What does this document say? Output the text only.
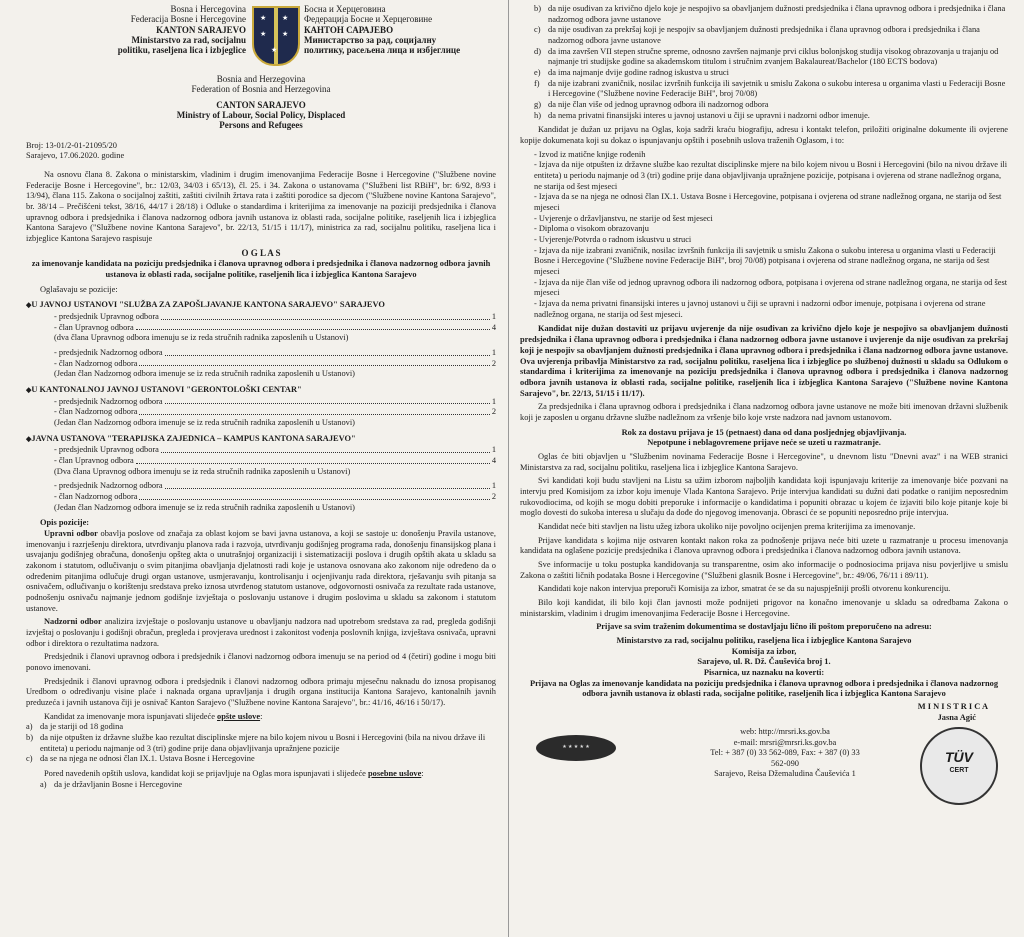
Bosna i Hercegovina
Federacija Bosne i Hercegovine
KANTON SARAJEVO
Ministarstvo za rad, socijalnu
politiku, raseljena lica i izbjeglice
★ ★
★ ★
★
Босна и Херцеговина
Федерација Босне и Херцеговине
КАНТОН САРАЈЕВО
Министарство за рад, социјалну
политику, расељена лица и избјеглице
Bosnia and Herzegovina
Federation of Bosnia and Herzegovina
CANTON SARAJEVO
Ministry of Labour, Social Policy, Displaced
Persons and Refugees
Broj: 13-01/2-01-21095/20
Sarajevo, 17.06.2020. godine

Na osnovu člana 8. Zakona o ministarskim, vladinim i drugim imenovanjima Federacije Bosne i Hercegovine ("Službene novine Federacije Bosne i Hercegovine", br.: 12/03, 34/03 i 65/13), čl. 25. i 34. Zakona o ustanovama ("Službeni list RBiH", br: 6/92, 8/93 i 13/94), člana 115. Zakona o socijalnoj zaštiti, zaštiti civilnih žrtava rata i zaštiti porodice sa djecom ("Službene novine Kantona Sarajevo", br. 38/14 – Prečišćeni tekst, 38/16, 44/17 i 28/18) i Odluke o standardima i kriterijima za imenovanje na poziciji predsjednika i članova upravnog odbora i predsjednika i članova nadzornog odbora javnih ustanova iz oblasti rada, socijalne politike, raseljenih lica i izbjeglica Kantona Sarajevo ("Službene novine Kantona Sarajevo", br. 22/13, 51/15 i 11/17), ministrica za rad, socijalnu politiku, raseljena lica i izbjeglice Kantona Sarajevo raspisuje

O G L A S
za imenovanje kandidata na poziciju predsjednika i članova upravnog odbora i predsjednika i članova nadzornog odbora javnih ustanova iz oblasti rada, socijalne politike, raseljenih lica i izbjeglica Kantona Sarajevo
Oglašavaju se pozicije:
◆ U JAVNOJ USTANOVI "SLUŽBA ZA ZAPOŠLJAVANJE KANTONA SARAJEVO" SARAJEVO
- predsjednik Upravnog odbora	1
- član Upravnog odbora	4
(dva člana Upravnog odbora imenuju se iz reda stručnih radnika zaposlenih u Ustanovi)
- predsjednik Nadzornog odbora	1
- član Nadzornog odbora	2
(Jedan član Nadzornog odbora imenuje se iz reda stručnih radnika zaposlenih u Ustanovi)
◆ U KANTONALNOJ JAVNOJ USTANOVI "GERONTOLOŠKI CENTAR"
- predsjednik Nadzornog odbora	1
- član Nadzornog odbora	2
(Jedan član Nadzornog odbora imenuje se iz reda stručnih radnika zaposlenih u Ustanovi)
◆ JAVNA USTANOVA "TERAPIJSKA ZAJEDNICA – KAMPUS KANTONA SARAJEVO"
- predsjednik Upravnog odbora	1
- član Upravnog odbora	4
(Dva člana Upravnog odbora imenuju se iz reda stručnih radnika zaposlenih u Ustanovi)
- predsjednik Nadzornog odbora	1
- član Nadzornog odbora	2
(Jedan član Nadzornog odbora imenuje se iz reda stručnih radnika zaposlenih u Ustanovi)
Opis pozicije:

Upravni odbor obavlja poslove od značaja za oblast kojom se bavi javna ustanova, a koji se sastoje u: donošenju Pravila ustanove, imenovanju i razrješenju direktora, utvrđivanju planova rada i razvoja, utvrđivanju godišnjeg programa rada, donošenju finansijskog plana i usvajanju godišnjeg obračuna, donošenju opšteg akta o unutrašnjoj organizaciji i sistematizaciji poslova i drugih opštih akata u skladu sa zakonom i statutom, odlučivanju o svim pitanjima obavljanja djelatnosti radi koje je ustanova osnovana ako zakonom nije određeno da o određenim pitanjima odlučuje drugi organ ustanove, usmjeravanju, kontrolisanju i ocjenjivanju rada direktora, rješavanju svih pitanja sa osnivačem, odlučivanju o korištenju sredstava preko iznosa utvrđenog statutom ustanove, odgovornosti osnivača za rezultate rada ustanove, podnošenju osnivaču najmanje jednom godišnje izvještaja o poslovanju ustanove i drugim poslovima u skladu sa zakonom i statutom ustanove.

Nadzorni odbor analizira izvještaje o poslovanju ustanove u obavljanju nadzora nad upotrebom sredstava za rad, pregleda godišnji izvještaj o poslovanju i godišnji obračun, pregleda i provjerava urednost i zakonitost vođenja poslovnih knjiga, izvještava osnivača, upravni odbor i direktora o rezultatima nadzora.

Predsjednik i članovi upravnog odbora i predsjednik i članovi nadzornog odbora imenuju se na period od 4 (četiri) godine i mogu biti ponovo imenovani.

Predsjednik i članovi upravnog odbora i predsjednik i članovi nadzornog odbora primaju mjesečnu naknadu do iznosa propisanog Uredbom o određivanju visine plaće i naknada organa upravljanja i drugih organa institucija Kantona Sarajevo, kantonalnih javnih preduzeća i javnih ustanova čiji je osnivač Kanton Sarajevo ("Službene novine Kantona Sarajevo", br.: 41/16, 46/16 i 50/17).

Kandidat za imenovanje mora ispunjavati slijedeće opšte uslove:
a) da je stariji od 18 godina
b) da nije otpušten iz državne službe kao rezultat disciplinske mjere na bilo kojem nivou u Bosni i Hercegovini (bila na nivou države ili entiteta) u periodu najmanje od 3 (tri) godine prije dana objavljivanja upražnjene pozicije
c) da se na njega ne odnosi član IX.1. Ustava Bosne i Hercegovine
Pored navedenih opštih uslova, kandidat koji se prijavljuje na Oglas mora ispunjavati i slijedeće posebne uslove:
a) da je državljanin Bosne i Hercegovine
b) da nije osuđivan za krivično djelo koje je nespojivo sa obavljanjem dužnosti predsjednika i člana upravnog odbora i predsjednika i člana nadzornog odbora javne ustanove
c) da nije osuđivan za prekršaj koji je nespojiv sa obavljanjem dužnosti predsjednika i člana upravnog odbora i predsjednika i člana nadzornog odbora javne ustanove
d) da ima završen VII stepen stručne spreme, odnosno završen najmanje prvi ciklus bolonjskog studija visokog obrazovanja u trajanju od najmanje tri studijske godine sa akademskom titulom i stručnim zvanjem Bakalaureat/Bachelor (180 ECTS bodova)
e) da ima najmanje dvije godine radnog iskustva u struci
f)	da nije izabrani zvaničnik, nosilac izvršnih funkcija ili savjetnik u smislu Zakona o sukobu interesa u organima vlasti u Federaciji Bosne i Hercegovine ("Službene novine Federacije BiH", broj 70/08)
g) da nije član više od jednog upravnog odbora ili nadzornog odbora
h) da nema privatni finansijski interes u javnoj ustanovi u čiji se upravni i nadzorni odbor imenuje.

Kandidat je dužan uz prijavu na Oglas, koja sadrži kraću biografiju, adresu i kontakt telefon, priložiti originalne dokumente ili ovjerene kopije dokumenata koji su dokaz o ispunjavanju opštih i posebnih uslova traženih Oglasom, i to:

- Izvod iz matične knjige rođenih
- Izjava da nije otpušten iz državne službe kao rezultat disciplinske mjere na bilo kojem nivou u Bosni i Hercegovini (bilo na nivou države ili entiteta) u periodu najmanje od 3 (tri) godine prije dana objavljivanja upražnjene pozicije, potpisana i ovjerena od strane nadležnog organa, ne starija od šest mjeseci
- Izjava da se na njega ne odnosi član IX.1. Ustava Bosne i Hercegovine, potpisana i ovjerena od strane nadležnog organa, ne starija od šest mjeseci
- Uvjerenje o državljanstvu, ne starije od šest mjeseci
- Diploma o visokom obrazovanju
- Uvjerenje/Potvrda o radnom iskustvu u struci
- Izjava da nije izabrani zvaničnik, nosilac izvršnih funkcija ili savjetnik u smislu Zakona o sukobu interesa u organima vlasti u Federaciji Bosne i Hercegovine ("Službene novine Federacije BiH", broj 70/08) potpisana i ovjerena od strane nadležnog organa, ne starija od šest mjeseci
- Izjava da nije član više od jednog upravnog odbora ili nadzornog odbora, potpisana i ovjerena od strane nadležnog organa, ne starija od šest mjeseci
- Izjava da nema privatni finansijski interes u javnoj ustanovi u čiji se upravni i nadzorni odbor imenuje, potpisana i ovjerena od strane nadležnog organa, ne starija od šest mjeseci.

Kandidat nije dužan dostaviti uz prijavu uvjerenje da nije osuđivan za krivično djelo koje je nespojivo sa obavljanjem dužnosti predsjednika i člana upravnog odbora i predsjednika i člana nadzornog odbora javne ustanove i uvjerenje da nije osuđivan za prekršaj koji je nespojiv sa obavljanjem dužnosti predsjednika i člana upravnog odbora i predsjednika i člana nadzornog odbora javne ustanove. Ova uvjerenja pribavlja Ministarstvo za rad, socijalnu politiku, raseljena lica i izbjeglice po službenoj dužnosti u skladu sa Odlukom o standardima i kriterijima za imenovanje na poziciju predsjednika i članova upravnog odbora i predsjednika i članova nadzornog odbora javnih ustanova iz oblasti rada, socijalne politike, raseljenih lica i izbjeglica Kantona Sarajevo ("Službene novine Kantona Sarajevo", br. 22/13, 51/15 i 11/17).

Za predsjednika i člana upravnog odbora i predsjednika i člana nadzornog odbora javne ustanove ne može biti imenovan državni službenik koji je zaposlen u organu državne službe nadležnom za vršenje bilo koje vrste nadzora nad javnom ustanovom.

Rok za dostavu prijava je 15 (petnaest) dana od dana posljednjeg objavljivanja.
Nepotpune i neblagovremene prijave neće se uzeti u razmatranje.

Oglas će biti objavljen u "Službenim novinama Federacije Bosne i Hercegovine", u dnevnom listu "Dnevni avaz" i na WEB stranici Ministarstva za rad, socijalnu politiku, raseljena lica i izbjeglice Kantona Sarajevo.

Svi kandidati koji budu stavljeni na Listu sa užim izborom najboljih kandidata koji ispunjavaju kriterije za imenovanje biće pozvani na intervju pred Komisijom za izbor koju imenuje Vlada Kantona Sarajevo. Prije intervjua kandidati su dužni dati podatke o ranijim neposrednim rukovodiocima, od kojih se mogu dobiti preporuke i informacije o kandidatima i popuniti obrazac u kojem će izjaviti bilo koje pitanje koje bi moglo dovesti do sukoba interesa u slučaju da dođe do njegovog imenovanja. Obrasci će se popuniti neposredno prije intervjua.

Kandidat neće biti stavljen na listu užeg izbora ukoliko nije povoljno ocijenjen prema kriterijima za imenovanje.

Prijave kandidata s kojima nije ostvaren kontakt nakon roka za podnošenje prijava neće biti uzete u razmatranje u procesu imenovanja kandidata na oglašene pozicije predsjednika i članova upravnog odbora i predsjednika i članova nadzornog odbora javnih ustanova.

Sve informacije u toku postupka kandidovanja su transparentne, osim ako informacije o podnosiocima prijava nisu povjerljive u smislu Zakona o zaštiti ličnih podataka Bosne i Hercegovine ("Službeni glasnik Bosne i Hercegovine", br.: 49/06, 76/11 i 89/11).

Kandidati koje nakon intervjua preporuči Komisija za izbor, smatrat će se da su najuspješniji prošli otvorenu konkurenciju.

Bilo koji kandidat, ili bilo koji član javnosti može podnijeti prigovor na konačno imenovanje u skladu sa odredbama Zakona o ministarskim, vladinim i drugim imenovanjima Federacije Bosne i Hercegovine.

Prijave sa svim traženim dokumentima se dostavljaju lično ili poštom preporučeno na adresu:
Ministarstvo za rad, socijalnu politiku, raseljena lica i izbjeglice Kantona Sarajevo
Komisija za izbor,
Sarajevo, ul. R. Dž. Čauševića broj 1.
Pisarnica, uz naznaku na koverti:
Prijava na Oglas za imenovanje kandidata na poziciju predsjednika i članova upravnog odbora i predsjednika i članova nadzornog odbora javnih ustanova iz oblasti rada, socijalne politike, raseljenih lica i izbjeglica Kantona Sarajevo
M I N I S T R I C A
Jasna Agić
★ ★ ★ ★ ★
web: http://mrsri.ks.gov.ba
e-mail: mrsri@mrsri.ks.gov.ba
Tel: + 387 (0) 33 562-089, Fax: + 387 (0) 33
562-090
Sarajevo, Reisa Džemaludina Čauševića 1
TÜV
CERT
